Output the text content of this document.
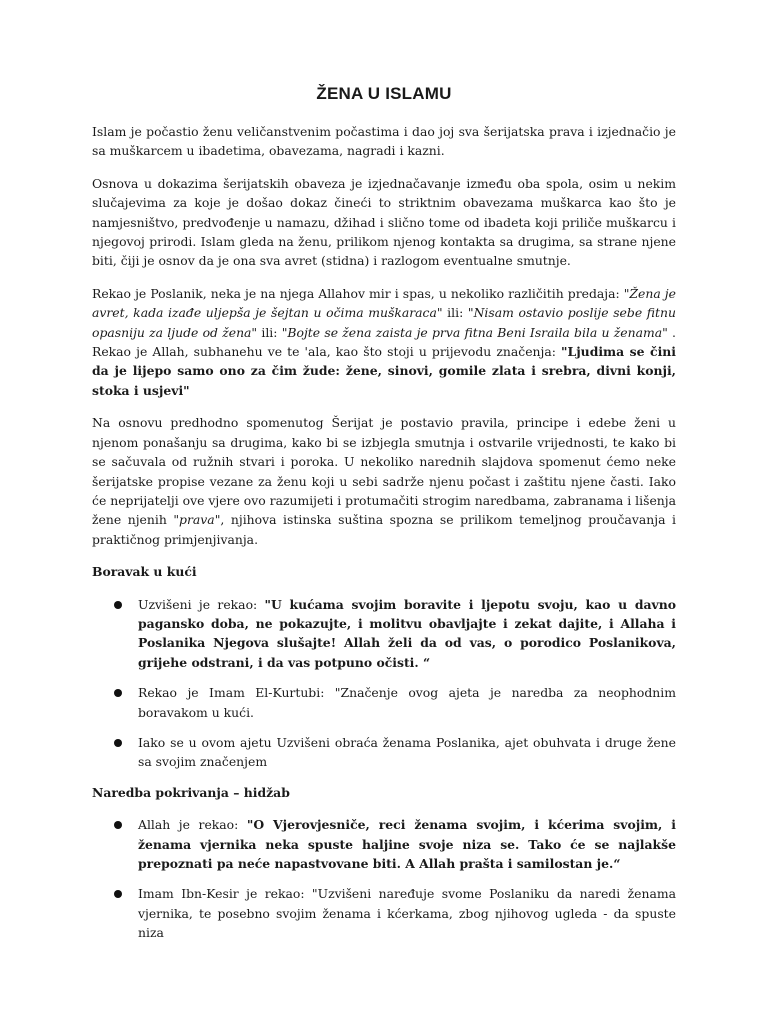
ŽENA U ISLAMU

Islam je počastio ženu veličanstvenim počastima i dao joj sva šerijatska prava i izjednačio je sa muškarcem u ibadetima, obavezama, nagradi i kazni.

Osnova u dokazima šerijatskih obaveza je izjednačavanje između oba spola, osim u nekim slučajevima za koje je došao dokaz čineći to striktnim obavezama muškarca kao što je namjesništvo, predvođenje u namazu, džihad i slično tome od ibadeta koji priliče muškarcu i njegovoj prirodi. Islam gleda na ženu, prilikom njenog kontakta sa drugima, sa strane njene biti, čiji je osnov da je ona sva avret (stidna) i razlogom eventualne smutnje.

Rekao je Poslanik, neka je na njega Allahov mir i spas, u nekoliko različitih predaja: "Žena je avret, kada izađe uljepša je šejtan u očima muškaraca" ili: "Nisam ostavio poslije sebe fitnu opasniju za ljude od žena" ili: "Bojte se žena zaista je prva fitna Beni Israila bila u ženama" . Rekao je Allah, subhanehu ve te 'ala, kao što stoji u prijevodu značenja: "Ljudima se čini da je lijepo samo ono za čim žude: žene, sinovi, gomile zlata i srebra, divni konji, stoka i usjevi"

Na osnovu predhodno spomenutog Šerijat je postavio pravila, principe i edebe ženi u njenom ponašanju sa drugima, kako bi se izbjegla smutnja i ostvarile vrijednosti, te kako bi se sačuvala od ružnih stvari i poroka. U nekoliko narednih slajdova spomenut ćemo neke šerijatske propise vezane za ženu koji u sebi sadrže njenu počast i zaštitu njene časti. Iako će neprijatelji ove vjere ovo razumijeti i protumačiti strogim naredbama, zabranama i lišenja žene njenih "prava", njihova istinska suština spozna se prilikom temeljnog proučavanja i praktičnog primjenjivanja.

Boravak u kući
Uzvišeni je rekao: "U kućama svojim boravite i ljepotu svoju, kao u davno pagansko doba, ne pokazujte, i molitvu obavljajte i zekat dajite, i Allaha i Poslanika Njegova slušajte! Allah želi da od vas, o porodico Poslanikova, grijehe odstrani, i da vas potpuno očisti. “
Rekao je Imam El-Kurtubi: "Značenje ovog ajeta je naredba za neophodnim boravakom u kući.
Iako se u ovom ajetu Uzvišeni obraća ženama Poslanika, ajet obuhvata i druge žene sa svojim značenjem
Naredba pokrivanja – hidžab
Allah je rekao: "O Vjerovjesniče, reci ženama svojim, i kćerima svojim, i ženama vjernika neka spuste haljine svoje niza se. Tako će se najlakše prepoznati pa neće napastvovane biti. A Allah prašta i samilostan je.“
Imam Ibn-Kesir je rekao: "Uzvišeni naređuje svome Poslaniku da naredi ženama vjernika, te posebno svojim ženama i kćerkama, zbog njihovog ugleda - da spuste niza
